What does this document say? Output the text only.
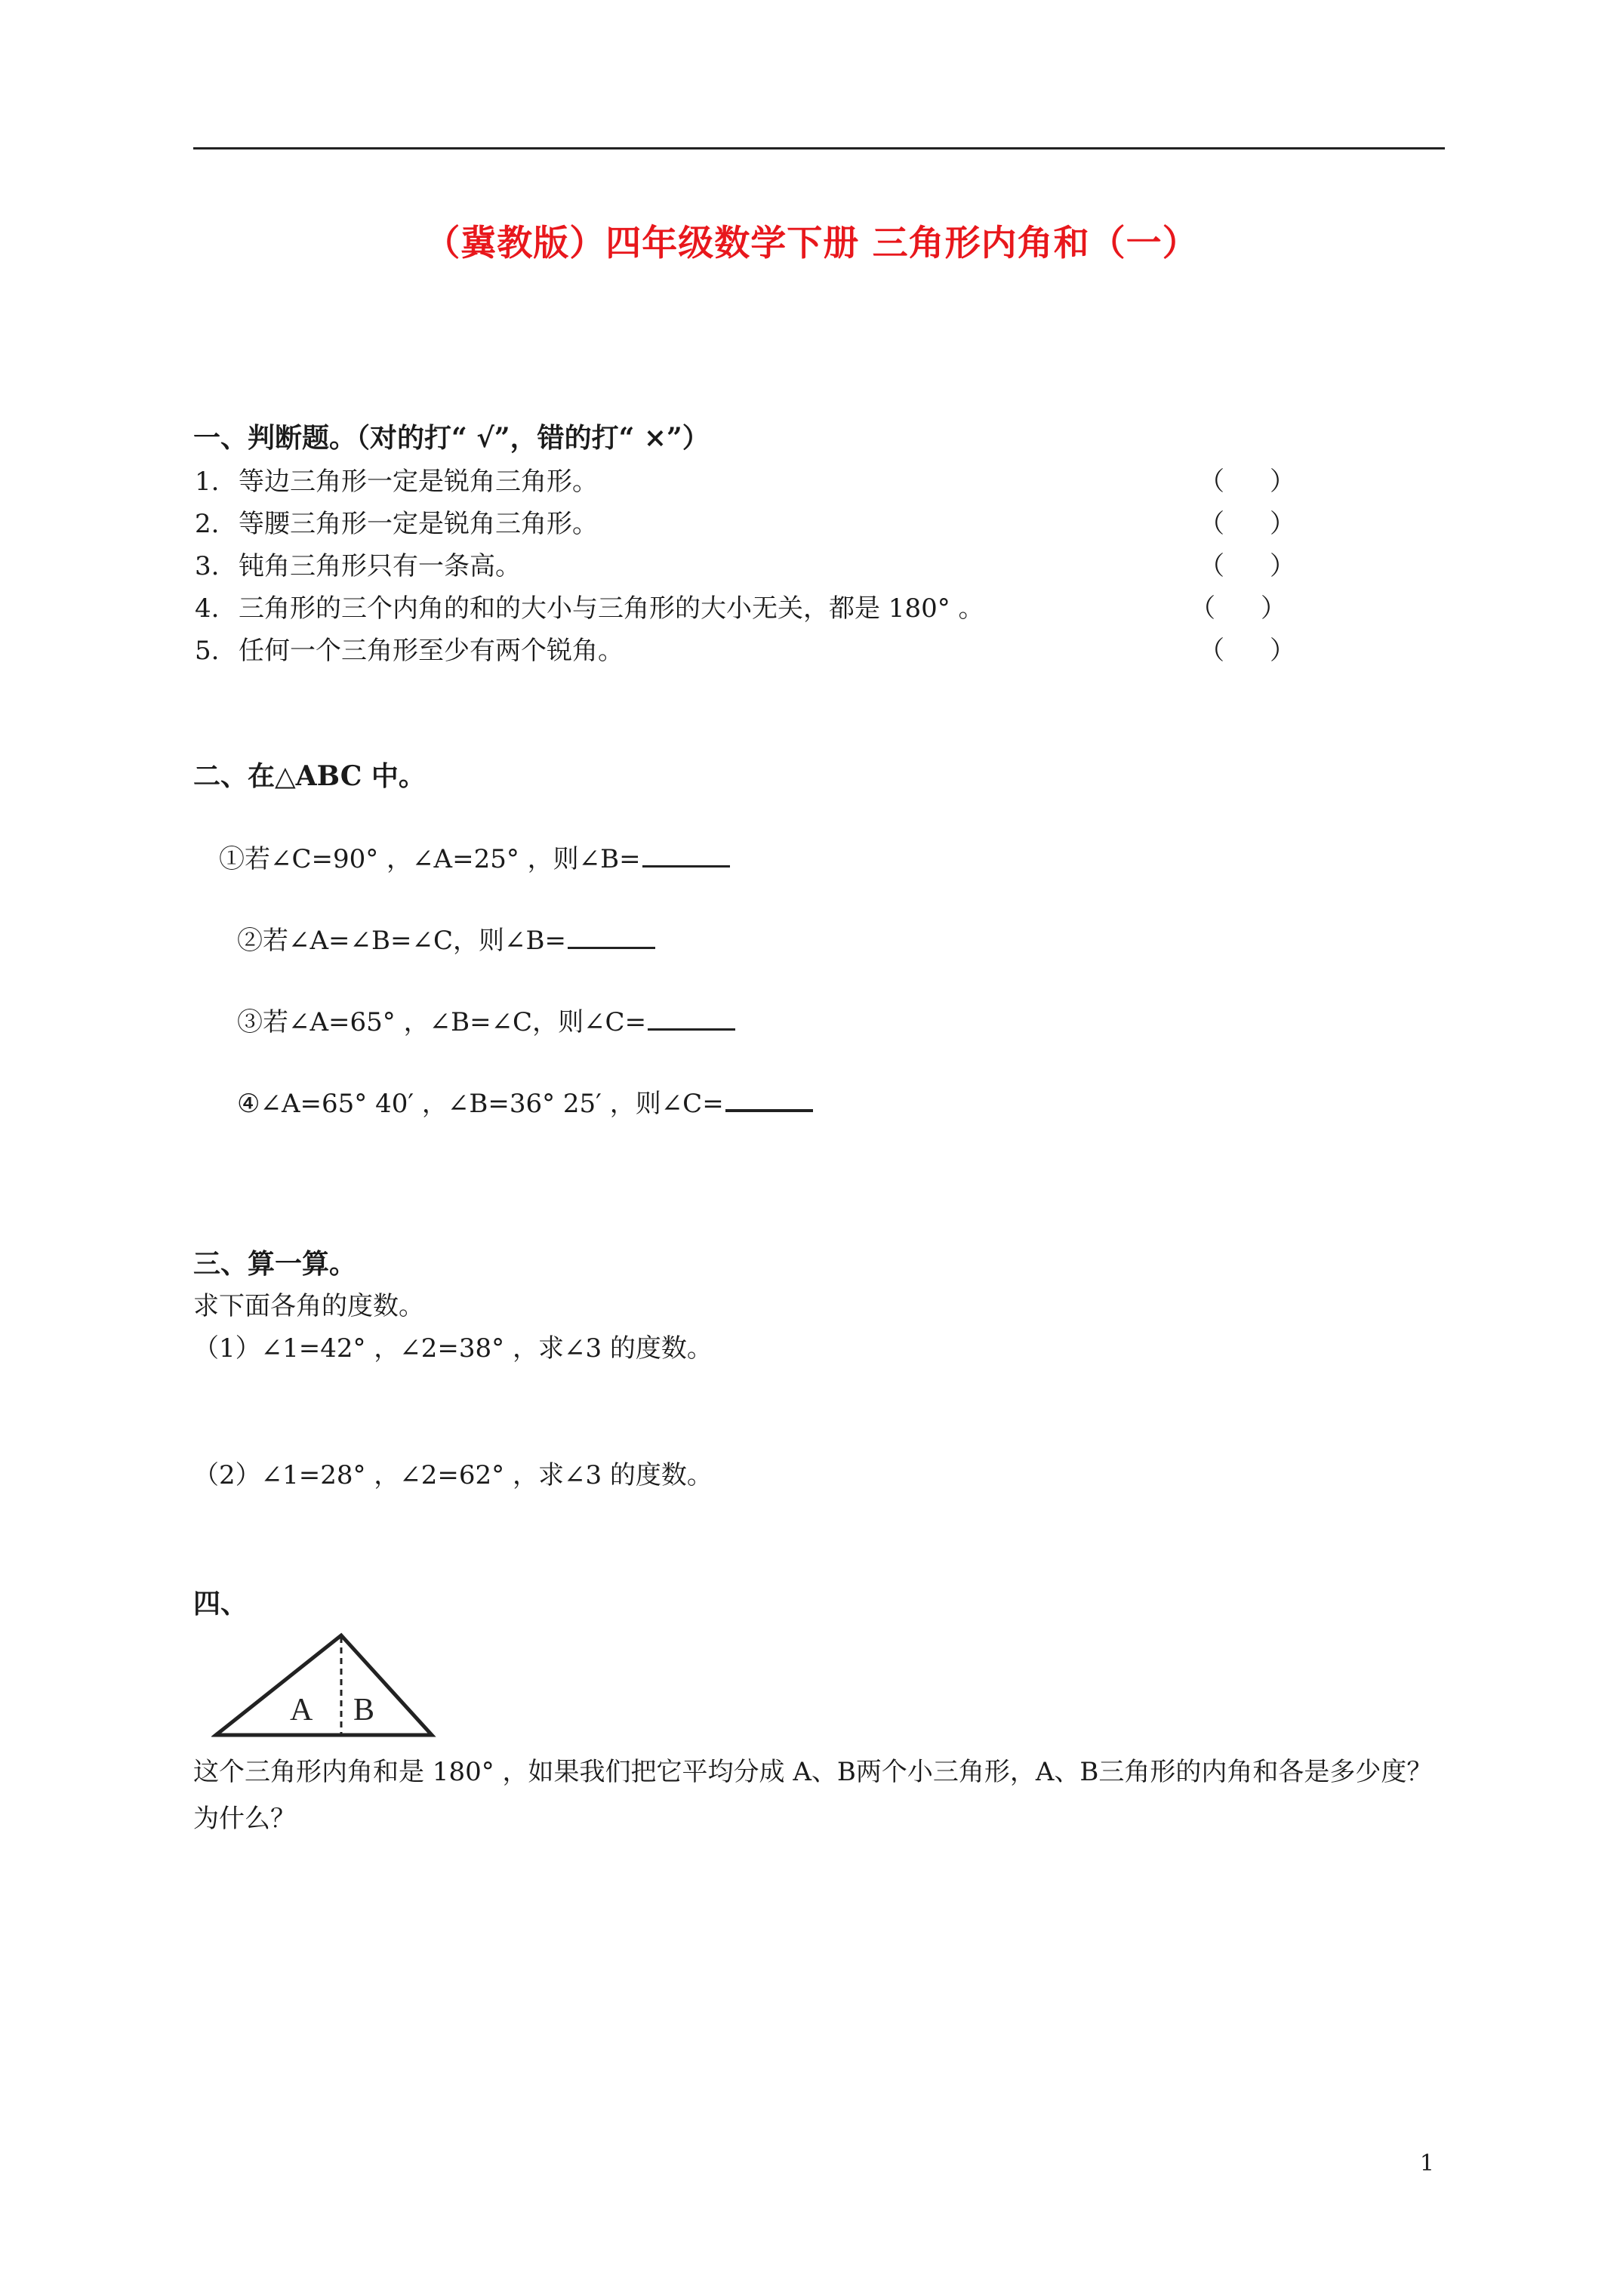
（冀教版）四年级数学下册 三角形内角和（一）
一、判断题。（对的打“ √”，错的打“ ×”）
1. 等边三角形一定是锐角三角形。	（ ）
2. 等腰三角形一定是锐角三角形。	（ ）
3. 钝角三角形只有一条高。	（ ）
4. 三角形的三个内角的和的大小与三角形的大小无关，都是 180° 。	（ ）
5. 任何一个三角形至少有两个锐角。	（ ）
二、在△ABC 中。
①若∠C=90° ，∠A=25° ，则∠B=
②若∠A=∠B=∠C，则∠B=
③若∠A=65° ，∠B=∠C，则∠C=
④∠A=65° 40′ ，∠B=36° 25′ ，则∠C=
三、算一算。
求下面各角的度数。
（1）∠1=42° ，∠2=38° ，求∠3 的度数。
（2）∠1=28° ，∠2=62° ，求∠3 的度数。
四、
A B
这个三角形内角和是 180° ，如果我们把它平均分成 A、B两个小三角形，A、B三角形的内角和各是多少度？为什么？
1
